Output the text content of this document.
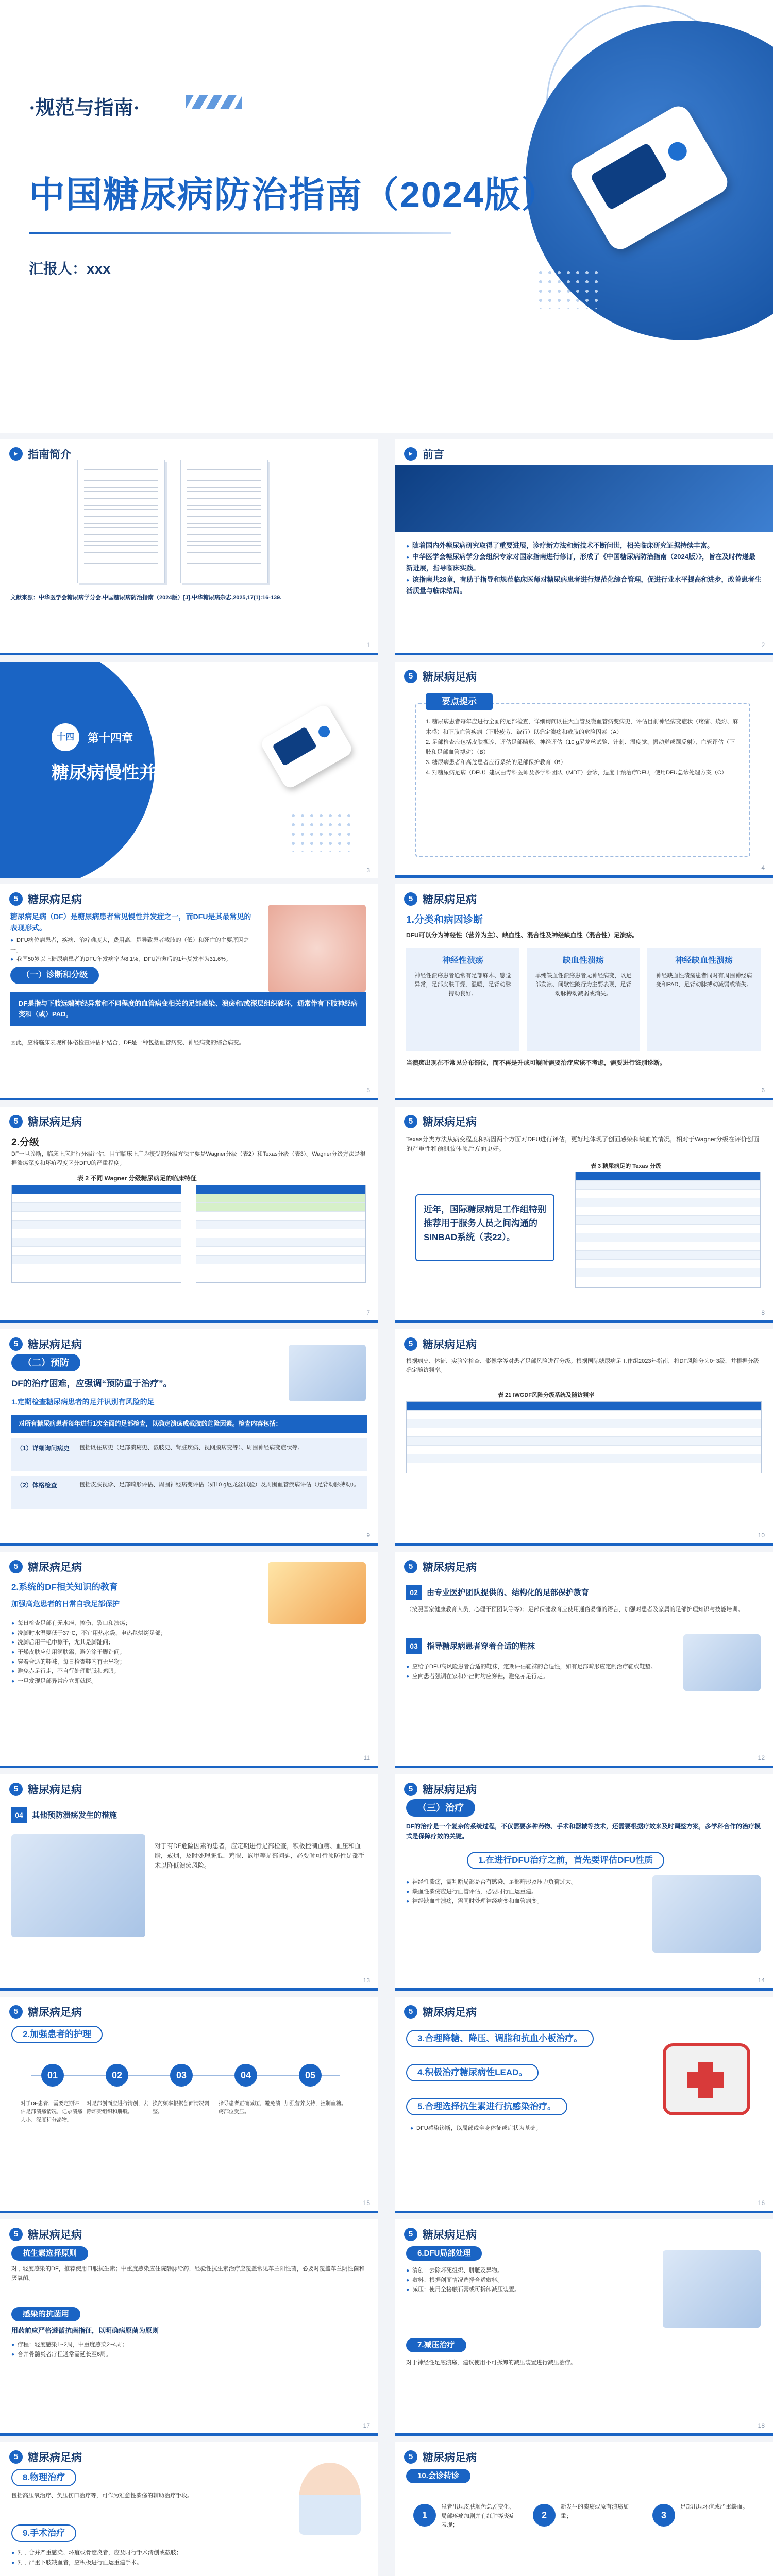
·规范与指南·
中国糖尿病防治指南（2024版）
汇报人：xxx
▸ 指南简介
文献来源：中华医学会糖尿病学分会.中国糖尿病防治指南（2024版）[J].中华糖尿病杂志,2025,17(1):16-139.
1
▸ 前言
● 随着国内外糖尿病研究取得了重要进展，诊疗新方法和新技术不断问世，相关临床研究证据持续丰富。
● 中华医学会糖尿病学分会组织专家对国家指南进行修订，形成了《中国糖尿病防治指南（2024版）》，旨在及时传递最新进展，指导临床实践。
● 该指南共28章，有助于指导和规范临床医师对糖尿病患者进行规范化综合管理，促进行业水平提高和进步，改善患者生活质量与临床结局。
2
十四	第十四章
糖尿病慢性并发症
3
5 糖尿病足病
要点提示
1. 糖尿病患者每年应进行全面的足部检查，详细询问既往大血管及微血管病变病史，评估目前神经病变症状（疼痛、烧灼、麻木感）和下肢血管疾病（下肢疲劳、跛行）以确定溃疡和截肢的危险因素（A）
2. 足部检查应包括皮肤视诊、评估足部畸形、神经评估（10 g尼龙丝试验、针刺、温度觉、振动觉或踝反射）、血管评估（下肢和足部血管搏动）（B）
3. 糖尿病患者和高危患者应行系统的足部保护教育（B）
4. 对糖尿病足病（DFU）建议由专科医师及多学科团队（MDT）会诊，适度干预治疗DFU，使用DFU急诊处理方案（C）
4
5 糖尿病足病
糖尿病足病（DF）是糖尿病患者常见慢性并发症之一，而DFU是其最常见的表现形式。
● DFU病位病患者，疾病、治疗难度大，费用高，是导致患者截肢的（低）和死亡的主要原因之一。
● 我国50岁以上糖尿病患者的DFU年发病率为8.1%，DFU治愈后的1年复发率为31.6%。
（一）诊断和分级
DF是指与下肢远端神经异常和不同程度的血管病变相关的足部感染、溃疡和/或深层组织破坏，通常伴有下肢神经病变和（或）PAD。
因此，应将临床表现和体格检查评估相结合，DF是一种包括血管病变、神经病变的综合病变。
5
5 糖尿病足病
1.分类和病因诊断
DFU可以分为神经性（营养为主）、缺血性、混合性及神经缺血性（混合性）足溃疡。
神经性溃疡
神经性溃疡患者通常有足部麻木、感觉异常，足部皮肤干燥、温暖，足背动脉搏动良好。
缺血性溃疡
单纯缺血性溃疡患者无神经病变，以足部发凉、间歇性跛行为主要表现，足背动脉搏动减弱或消失。
神经缺血性溃疡
神经缺血性溃疡患者同时有周围神经病变和PAD，足背动脉搏动减弱或消失。
当溃疡出现在不常见分布部位，而不再是升或可疑时需要治疗应该不考虑，需要进行鉴别诊断。
6
5 糖尿病足病
2.分级
DF一旦诊断，临床上应进行分级评估，目前临床上广为接受的分级方法主要是Wagner分级（表2）和Texas分级（表3）。Wagner分级方法是根据溃疡深度和坏疽程度区分DFU的严重程度。
表 2 不同 Wagner 分级糖尿病足的临床特征
7
5 糖尿病足病
Texas分类方法从病变程度和病因两个方面对DFU进行评估，更好地体现了创面感染和缺血的情况，相对于Wagner分级在评价创面的严重性和预测肢体预后方面更好。
近年，国际糖尿病足工作组特别推荐用于服务人员之间沟通的SINBAD系统（表22）。
表 3 糖尿病足的 Texas 分级
8
5 糖尿病足病
（二）预防
DF的治疗困难，应强调“预防重于治疗”。
1.定期检查糖尿病患者的足并识别有风险的足
对所有糖尿病患者每年进行1次全面的足部检查，以确定溃疡或截肢的危险因素。检查内容包括：
（1）详细询问病史	包括既往病史（足部溃疡史、截肢史、肾脏疾病、视网膜病变等）、周围神经病变症状等。
（2）体格检查	包括皮肤视诊、足部畸形评估、周围神经病变评估（如10 g尼龙丝试验）及周围血管疾病评估（足背动脉搏动）。
9
5 糖尿病足病
根据病史、体征、实验室检查、影像学等对患者足部风险进行分级。根据国际糖尿病足工作组2023年指南，将DF风险分为0~3级，并根据分级确定随访频率。
表 21 IWGDF风险分级系统及随访频率
10
5 糖尿病足病
2.系统的DF相关知识的教育
加强高危患者的日常自我足部保护
● 每日检查足部有无水疱、擦伤、裂口和溃疡；
● 洗脚时水温要低于37°C，不宜用热水袋、电热毯烘烤足部；
● 洗脚后用干毛巾擦干，尤其是脚趾间；
● 干燥皮肤应使用润肤霜，避免涂于脚趾间；
● 穿着合适的鞋袜，每日检查鞋内有无异物；
● 避免赤足行走，不自行处理胼胝和鸡眼；
● 一旦发现足部异常应立即就医。
11
5 糖尿病足病
02	由专业医护团队提供的、结构化的足部保护教育
（按照国家健康教育人员，心理干预团队等等）；足部保健教育应使用通俗易懂的语言，加强对患者及家属的足部护理知识与技能培训。
03	指导糖尿病患者穿着合适的鞋袜
● 应给予DFU高风险患者合适的鞋袜，定期评估鞋袜的合适性，如有足部畸形应定制治疗鞋或鞋垫。
● 应向患者强调在家和外出时均应穿鞋，避免赤足行走。
12
5 糖尿病足病
04	其他预防溃疡发生的措施
对于有DF危险因素的患者，应定期进行足部检查，积极控制血糖、血压和血脂，戒烟，及时处理胼胝、鸡眼、嵌甲等足部问题，必要时可行预防性足部手术以降低溃疡风险。
13
5 糖尿病足病
（三）治疗
DF的治疗是一个复杂的系统过程，不仅需要多种药物、手术和器械等技术，还需要根据疗效来及时调整方案，多学科合作的治疗模式是保障疗效的关键。
1.在进行DFU治疗之前，首先要评估DFU性质
● 神经性溃疡，需判断局部是否有感染、足部畸形及压力负荷过大。
● 缺血性溃疡应进行血管评估，必要时行血运重建。
● 神经缺血性溃疡，需同时处理神经病变和血管病变。
14
5 糖尿病足病
2.加强患者的护理
01	02	03	04	05
对于DF患者，需要定期评估足部溃疡情况，记录溃疡大小、深度和分泌物。
对足部创面应进行清创，去除坏死组织和胼胝。
换药频率根据创面情况调整。
指导患者正确减压，避免溃疡部位受压。
加强营养支持，控制血糖。
15
5 糖尿病足病
3.合理降糖、降压、调脂和抗血小板治疗。
4.积极治疗糖尿病性LEAD。
5.合理选择抗生素进行抗感染治疗。
● DFU感染诊断，以局部或全身体征或症状为基础。
16
5 糖尿病足病
抗生素选择原则
对于轻度感染的DF，推荐使用口服抗生素；中重度感染应住院静脉给药，经验性抗生素治疗应覆盖常见革兰阳性菌，必要时覆盖革兰阴性菌和厌氧菌。
感染的抗菌用
用药前应严格遵循抗菌指征，以明确病原菌为原则
● 疗程：轻度感染1~2周，中重度感染2~4周；
● 合并骨髓炎者疗程通常需延长至6周。
17
5 糖尿病足病
6.DFU局部处理
● 清创：去除坏死组织、胼胝及异物。
● 敷料：根据创面情况选择合适敷料。
● 减压：使用全接触石膏或可拆卸减压装置。
7.减压治疗
对于神经性足底溃疡，建议使用不可拆卸的减压装置进行减压治疗。
18
5 糖尿病足病
8.物理治疗
包括高压氧治疗、负压伤口治疗等，可作为难愈性溃疡的辅助治疗手段。
9.手术治疗
● 对于合并严重感染、坏疽或骨髓炎者，应及时行手术清创或截肢；
● 对于严重下肢缺血者，应积极进行血运重建手术。
5 糖尿病足病
10.会诊转诊
1
患者出现皮肤颜色急剧变化、局部疼痛加剧并有红肿等炎症表现；
2
新发生的溃疡或原有溃疡加重；	3
足部出现坏疽或严重缺血。
